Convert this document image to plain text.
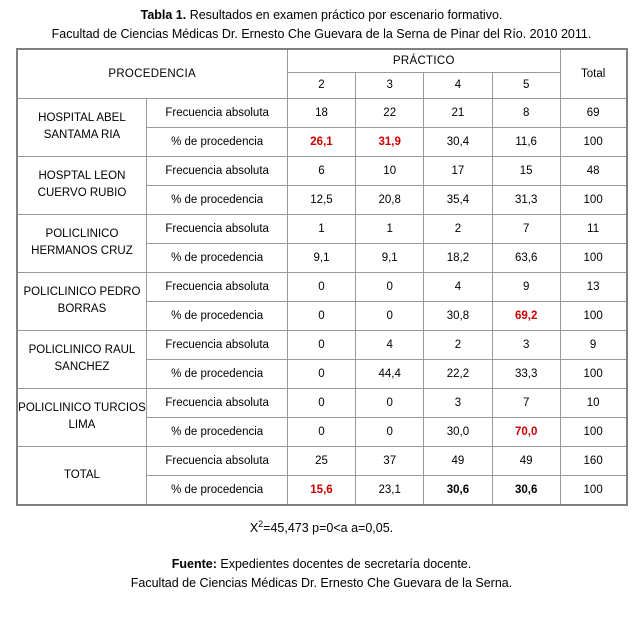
Tabla 1. Resultados en examen práctico por escenario formativo.
Facultad de Ciencias Médicas Dr. Ernesto Che Guevara de la Serna de Pinar del Río. 2010 2011.
PROCEDENCIA		PRÁCTICO				Total
		2	3	4	5	
HOSPITAL ABEL SANTAMA RIA	Frecuencia absoluta	18	22	21	8	69
	% de procedencia	26,1	31,9	30,4	11,6	100
HOSPTAL LEON CUERVO RUBIO	Frecuencia absoluta	6	10	17	15	48
	% de procedencia	12,5	20,8	35,4	31,3	100
POLICLINICO HERMANOS CRUZ	Frecuencia absoluta	1	1	2	7	11
	% de procedencia	9,1	9,1	18,2	63,6	100
POLICLINICO PEDRO BORRAS	Frecuencia absoluta	0	0	4	9	13
	% de procedencia	0	0	30,8	69,2	100
POLICLINICO RAUL SANCHEZ	Frecuencia absoluta	0	4	2	3	9
	% de procedencia	0	44,4	22,2	33,3	100
POLICLINICO TURCIOS LIMA	Frecuencia absoluta	0	0	3	7	10
	% de procedencia	0	0	30,0	70,0	100
TOTAL	Frecuencia absoluta	25	37	49	49	160
	% de procedencia	15,6	23,1	30,6	30,6	100
$X^2=45,473$ p=0<a a=0,05.
Fuente: Expedientes docentes de secretaría docente.
Facultad de Ciencias Médicas Dr. Ernesto Che Guevara de la Serna.
